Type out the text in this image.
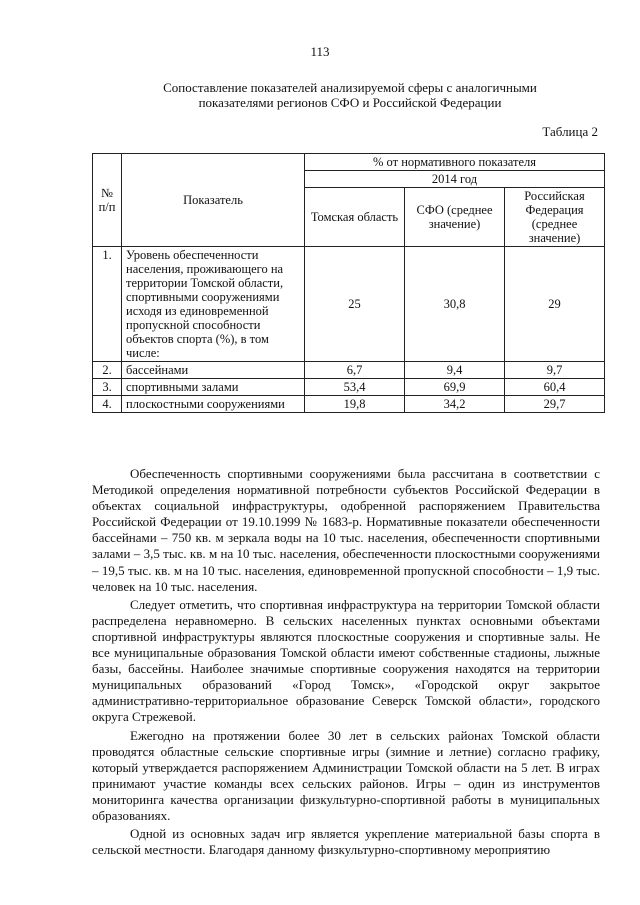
113
Сопоставление показателей анализируемой сферы с аналогичными
показателями регионов СФО и Российской Федерации
Таблица 2
№ п/п	Показатель	% от нормативного показателя		
		2014 год		
		Томская область	СФО (среднее значение)	Российская Федерация (среднее значение)
1.	Уровень обеспеченности населения, проживающего на территории Томской области, спортивными сооружениями исходя из единовременной пропускной способности объектов спорта (%), в том числе:	25	30,8	29
2.	бассейнами	6,7	9,4	9,7
3.	спортивными залами	53,4	69,9	60,4
4.	плоскостными сооружениями	19,8	34,2	29,7

Обеспеченность спортивными сооружениями была рассчитана в соответствии с Методикой определения нормативной потребности субъектов Российской Федерации в объектах социальной инфраструктуры, одобренной распоряжением Правительства Российской Федерации от 19.10.1999 № 1683-р. Нормативные показатели обеспеченности бассейнами – 750 кв. м зеркала воды на 10 тыс. населения, обеспеченности спортивными залами – 3,5 тыс. кв. м на 10 тыс. населения, обеспеченности плоскостными сооружениями – 19,5 тыс. кв. м на 10 тыс. населения, единовременной пропускной способности – 1,9 тыс. человек на 10 тыс. населения.

Следует отметить, что спортивная инфраструктура на территории Томской области распределена неравномерно. В сельских населенных пунктах основными объектами спортивной инфраструктуры являются плоскостные сооружения и спортивные залы. Не все муниципальные образования Томской области имеют собственные стадионы, лыжные базы, бассейны. Наиболее значимые спортивные сооружения находятся на территории муниципальных образований «Город Томск», «Городской округ закрытое административно-территориальное образование Северск Томской области», городского округа Стрежевой.

Ежегодно на протяжении более 30 лет в сельских районах Томской области проводятся областные сельские спортивные игры (зимние и летние) согласно графику, который утверждается распоряжением Администрации Томской области на 5 лет. В играх принимают участие команды всех сельских районов. Игры – один из инструментов мониторинга качества организации физкультурно-спортивной работы в муниципальных образованиях.

Одной из основных задач игр является укрепление материальной базы спорта в сельской местности. Благодаря данному физкультурно-спортивному мероприятию
